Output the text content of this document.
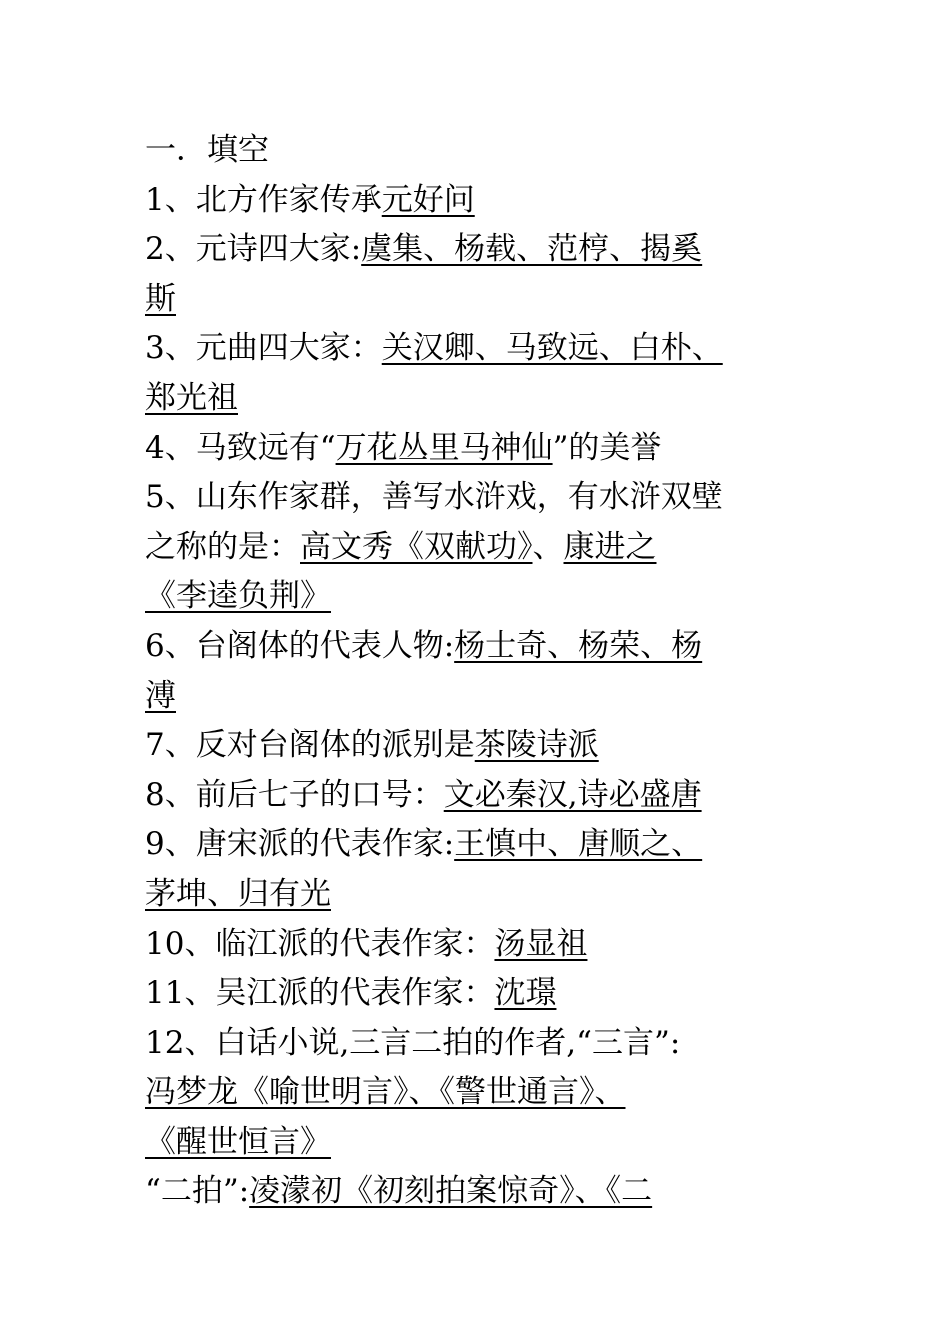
一．填空
1、北方作家传承元好问
2、元诗四大家:虞集、杨载、范梈、揭奚
斯
3、元曲四大家：关汉卿、马致远、白朴、
郑光祖
4、马致远有“万花丛里马神仙”的美誉
5、山东作家群，善写水浒戏，有水浒双壁
之称的是：高文秀《双献功》、康进之
《李逵负荆》
6、台阁体的代表人物:杨士奇、杨荣、杨
溥
7、反对台阁体的派别是茶陵诗派
8、前后七子的口号：文必秦汉,诗必盛唐
9、唐宋派的代表作家:王慎中、唐顺之、
茅坤、归有光
10、临江派的代表作家：汤显祖
11、吴江派的代表作家：沈璟
12、白话小说,三言二拍的作者,“三言”:
冯梦龙《喻世明言》、《警世通言》、
《醒世恒言》
“二拍”:凌濛初《初刻拍案惊奇》、《二
